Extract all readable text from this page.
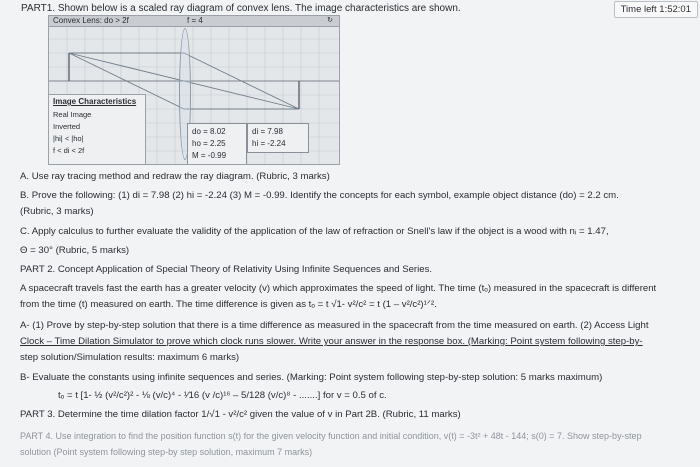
PART1. Shown below is a scaled ray diagram of convex lens. The image characteristics are shown.	Time left 1:52:01
Convex Lens: do > 2f	f = 4	↻
Image Characteristics
Real Image
Inverted
|hi| < |ho|
f < di < 2f
do = 8.02
ho = 2.25
M = -0.99
di = 7.98
hi = -2.24
A. Use ray tracing method and redraw the ray diagram. (Rubric, 3 marks)
B. Prove the following: (1) di = 7.98 (2) hi = -2.24 (3) M = -0.99. Identify the concepts for each symbol, example object distance (do) = 2.2 cm.
(Rubric, 3 marks)
C. Apply calculus to further evaluate the validity of the application of the law of refraction or Snell's law if the object is a wood with nᵢ = 1.47,
Θ = 30° (Rubric, 5 marks)
PART 2. Concept Application of Special Theory of Relativity Using Infinite Sequences and Series.
A spacecraft travels fast the earth has a greater velocity (v) which approximates the speed of light. The time (tₒ) measured in the spacecraft is different
from the time (t) measured on earth. The time difference is given as tₒ = t √1- v²/c² = t (1 – v²/c²)¹ᐟ².
A- (1) Prove by step-by-step solution that there is a time difference as measured in the spacecraft from the time measured on earth. (2) Access Light
Clock – Time Dilation Simulator to prove which clock runs slower. Write your answer in the response box. (Marking: Point system following step-by-
step solution/Simulation results: maximum 6 marks)
B- Evaluate the constants using infinite sequences and series. (Marking: Point system following step-by-step solution: 5 marks maximum)
tₒ = t [1- ½ (v²/c²)² - ⅛ (v/c)⁴ - ¹⁄16 (v /c)¹⁶ – 5/128 (v/c)⁸ - .......] for v = 0.5 of c.
PART 3. Determine the time dilation factor 1/√1 - v²/c² given the value of v in Part 2B. (Rubric, 11 marks)
PART 4. Use integration to find the position function s(t) for the given velocity function and initial condition, v(t) = -3t² + 48t - 144; s(0) = 7. Show step-by-step
solution (Point system following step-by step solution, maximum 7 marks)
